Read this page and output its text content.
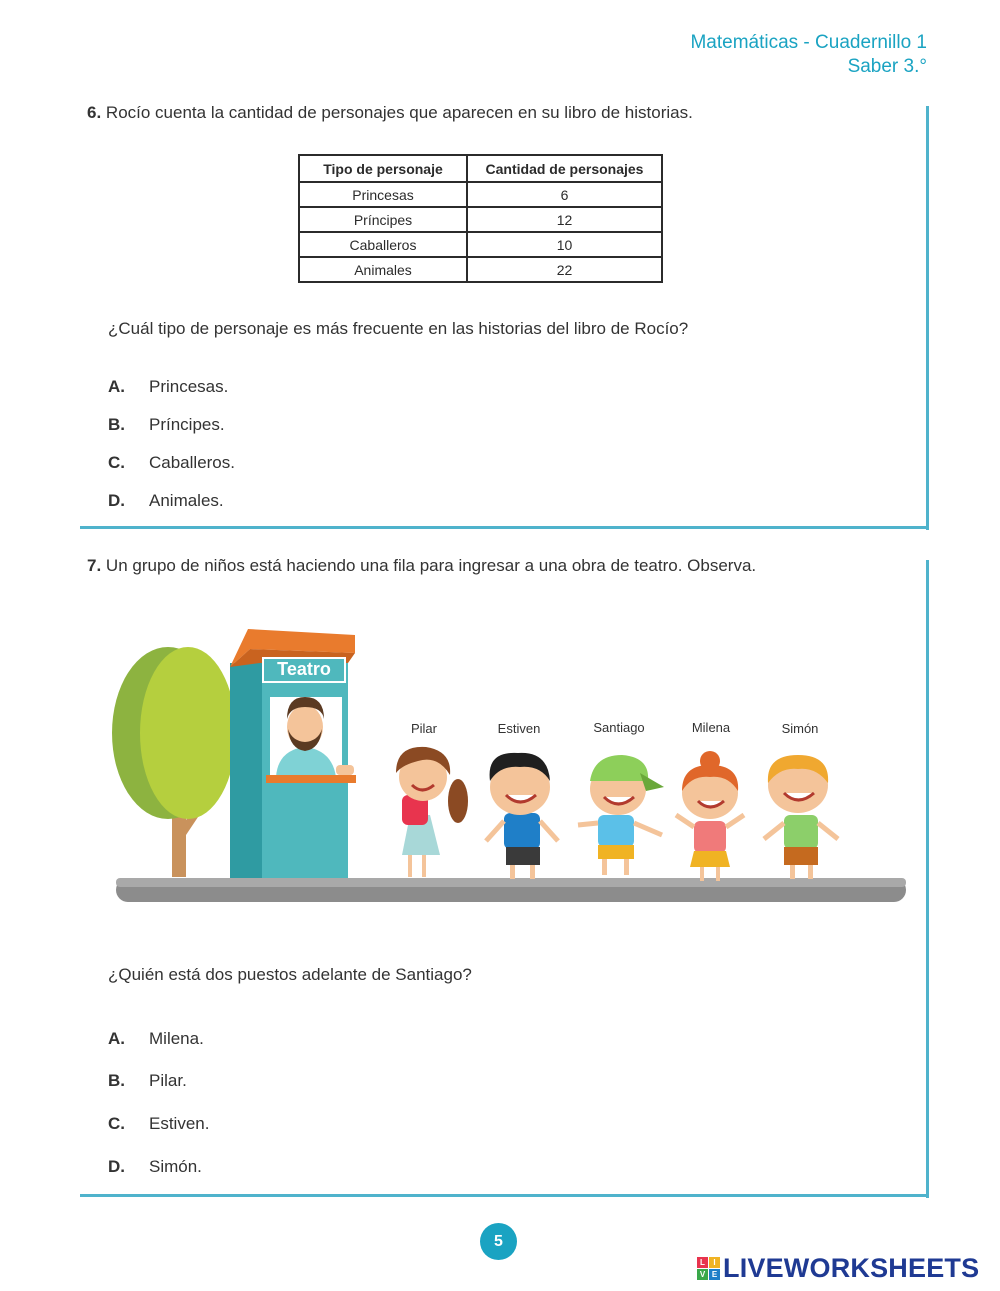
Matemáticas - Cuadernillo 1
Saber 3.°
6. Rocío cuenta la cantidad de personajes que aparecen en su libro de historias.
Tipo de personaje	Cantidad de personajes
Princesas	6
Príncipes	12
Caballeros	10
Animales	22
¿Cuál tipo de personaje es más frecuente en las historias del libro de Rocío?
A. Princesas.
B. Príncipes.
C. Caballeros.
D. Animales.
7. Un grupo de niños está haciendo una fila para ingresar a una obra de teatro. Observa.
Teatro
Pilar	Estiven	Santiago	Milena	Simón
¿Quién está dos puestos adelante de Santiago?
A. Milena.
B. Pilar.
C. Estiven.
D. Simón.
5
L	I
V E LIVEWORKSHEETS
